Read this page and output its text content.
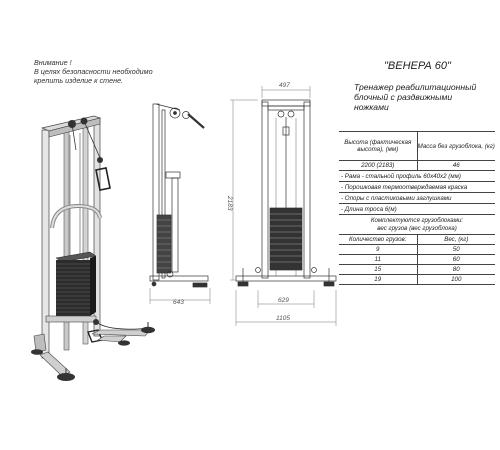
Внимание !
В целях безопасности необходимо
крепить изделие к стене.
"ВЕНЕРА 60"
Тренажер реабилитационный
блочный с раздвижными
ножками
643
497
2183
629
1105
Высота (фактическая высота), (мм)	Масса без грузоблока, (кг)
2200 (2183)	46
- Рама - стальной профиль 60х40х2 (мм)
- Порошковая термоотверждаемая краска
- Опоры с пластиковыми заглушками
- Длина троса 6(м)
Комплектуются грузоблоками:
вес грузов (вес грузоблока)
Количество грузов:	Вес, (кг)
9	50
11	60
15	80
19	100
